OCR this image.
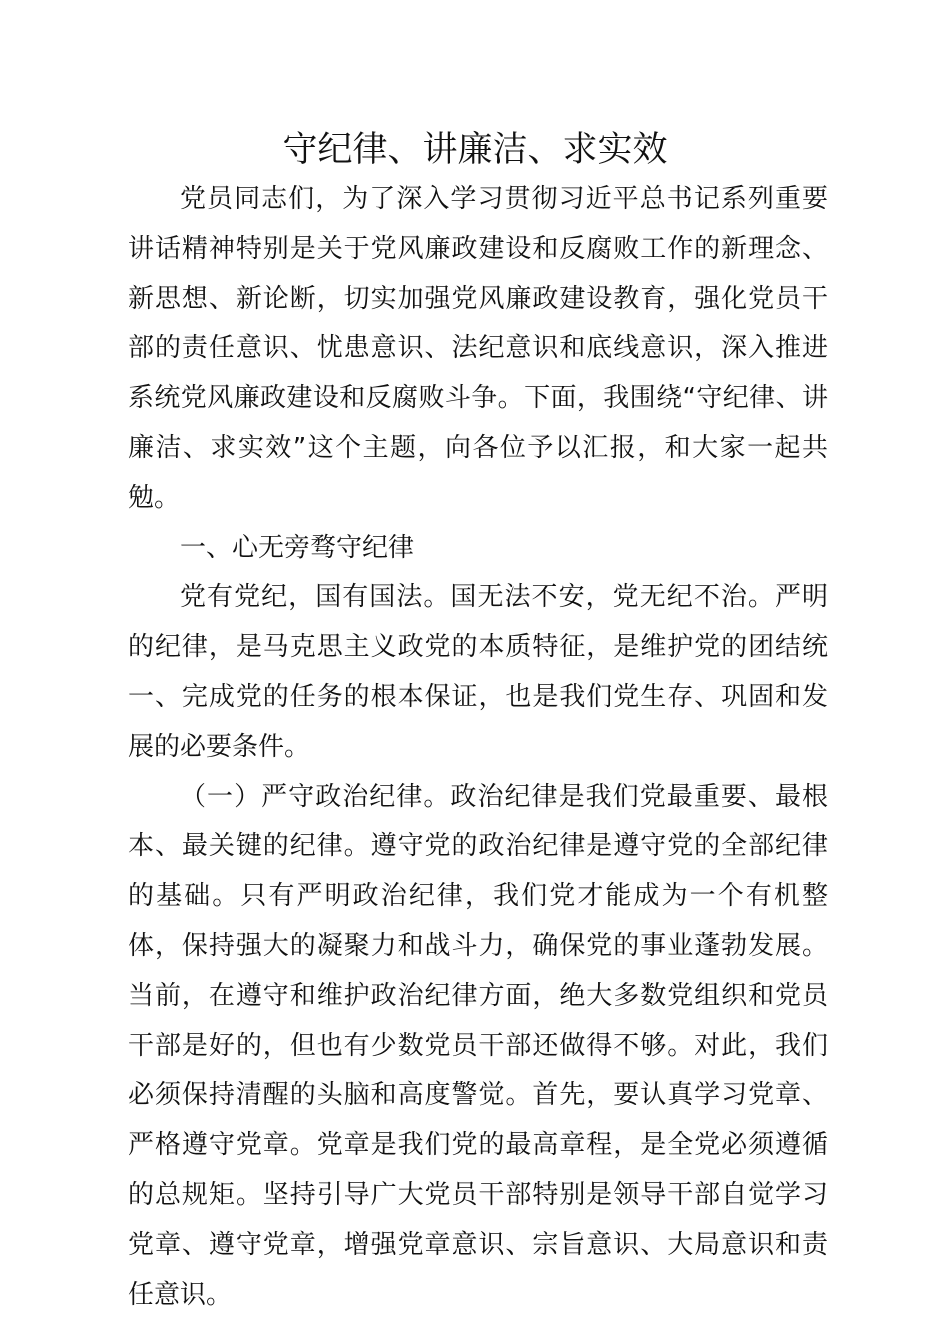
守纪律、讲廉洁、求实效

党员同志们，为了深入学习贯彻习近平总书记系列重要讲话精神特别是关于党风廉政建设和反腐败工作的新理念、新思想、新论断，切实加强党风廉政建设教育，强化党员干部的责任意识、忧患意识、法纪意识和底线意识，深入推进系统党风廉政建设和反腐败斗争。下面，我围绕“守纪律、讲廉洁、求实效”这个主题，向各位予以汇报，和大家一起共勉。

一、心无旁骛守纪律

党有党纪，国有国法。国无法不安，党无纪不治。严明的纪律，是马克思主义政党的本质特征，是维护党的团结统一、完成党的任务的根本保证，也是我们党生存、巩固和发展的必要条件。

（一）严守政治纪律。政治纪律是我们党最重要、最根本、最关键的纪律。遵守党的政治纪律是遵守党的全部纪律的基础。只有严明政治纪律，我们党才能成为一个有机整体，保持强大的凝聚力和战斗力，确保党的事业蓬勃发展。当前，在遵守和维护政治纪律方面，绝大多数党组织和党员干部是好的，但也有少数党员干部还做得不够。对此，我们必须保持清醒的头脑和高度警觉。首先，要认真学习党章、严格遵守党章。党章是我们党的最高章程，是全党必须遵循的总规矩。坚持引导广大党员干部特别是领导干部自觉学习党章、遵守党章，增强党章意识、宗旨意识、大局意识和责任意识。
